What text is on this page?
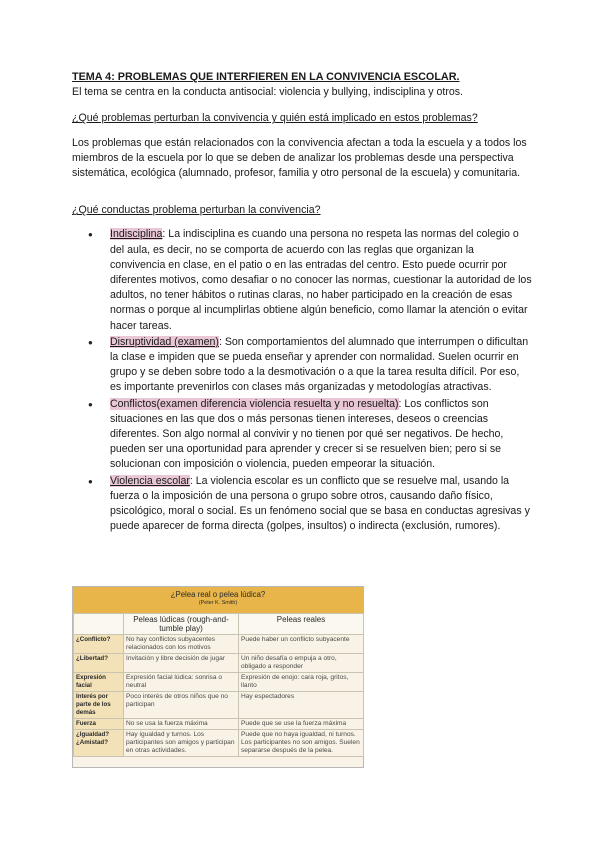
TEMA 4: PROBLEMAS QUE INTERFIEREN EN LA CONVIVENCIA ESCOLAR.
El tema se centra en la conducta antisocial: violencia y bullying, indisciplina y otros.
¿Qué problemas perturban la convivencia y quién está implicado en estos problemas?
Los problemas que están relacionados con la convivencia afectan a toda la escuela y a todos los miembros de la escuela por lo que se deben de analizar los problemas desde una perspectiva sistemática, ecológica (alumnado, profesor, familia y otro personal de la escuela) y comunitaria.
¿Qué conductas problema perturban la convivencia?
● Indisciplina: La indisciplina es cuando una persona no respeta las normas del colegio o del aula, es decir, no se comporta de acuerdo con las reglas que organizan la convivencia en clase, en el patio o en las entradas del centro. Esto puede ocurrir por diferentes motivos, como desafiar o no conocer las normas, cuestionar la autoridad de los adultos, no tener hábitos o rutinas claras, no haber participado en la creación de esas normas o porque al incumplirlas obtiene algún beneficio, como llamar la atención o evitar hacer tareas.
● Disruptividad (examen): Son comportamientos del alumnado que interrumpen o dificultan la clase e impiden que se pueda enseñar y aprender con normalidad. Suelen ocurrir en grupo y se deben sobre todo a la desmotivación o a que la tarea resulta difícil. Por eso, es importante prevenirlos con clases más organizadas y metodologías atractivas.
● Conflictos(examen diferencia violencia resuelta y no resuelta): Los conflictos son situaciones en las que dos o más personas tienen intereses, deseos o creencias diferentes. Son algo normal al convivir y no tienen por qué ser negativos. De hecho, pueden ser una oportunidad para aprender y crecer si se resuelven bien; pero si se solucionan con imposición o violencia, pueden empeorar la situación.
● Violencia escolar: La violencia escolar es un conflicto que se resuelve mal, usando la fuerza o la imposición de una persona o grupo sobre otros, causando daño físico, psicológico, moral o social. Es un fenómeno social que se basa en conductas agresivas y puede aparecer de forma directa (golpes, insultos) o indirecta (exclusión, rumores).
¿Pelea real o pelea lúdica?
(Peter K. Smith)
	Peleas lúdicas (rough-and-tumble play)	Peleas reales
¿Conflicto?	No hay conflictos subyacentes relacionados con los motivos	Puede haber un conflicto subyacente
¿Libertad?	Invitación y libre decisión de jugar	Un niño desafía o empuja a otro, obligado a responder
Expresión facial	Expresión facial lúdica: sonrisa o neutral	Expresión de enojo: cara roja, gritos, llanto
Interés por parte de los demás	Poco interés de otros niños que no participan	Hay espectadores
Fuerza	No se usa la fuerza máxima	Puede que se use la fuerza máxima
¿Igualdad? ¿Amistad?	Hay igualdad y turnos. Los participantes son amigos y participan en otras actividades.	Puede que no haya igualdad, ni turnos. Los participantes no son amigos. Suelen separarse después de la pelea.
